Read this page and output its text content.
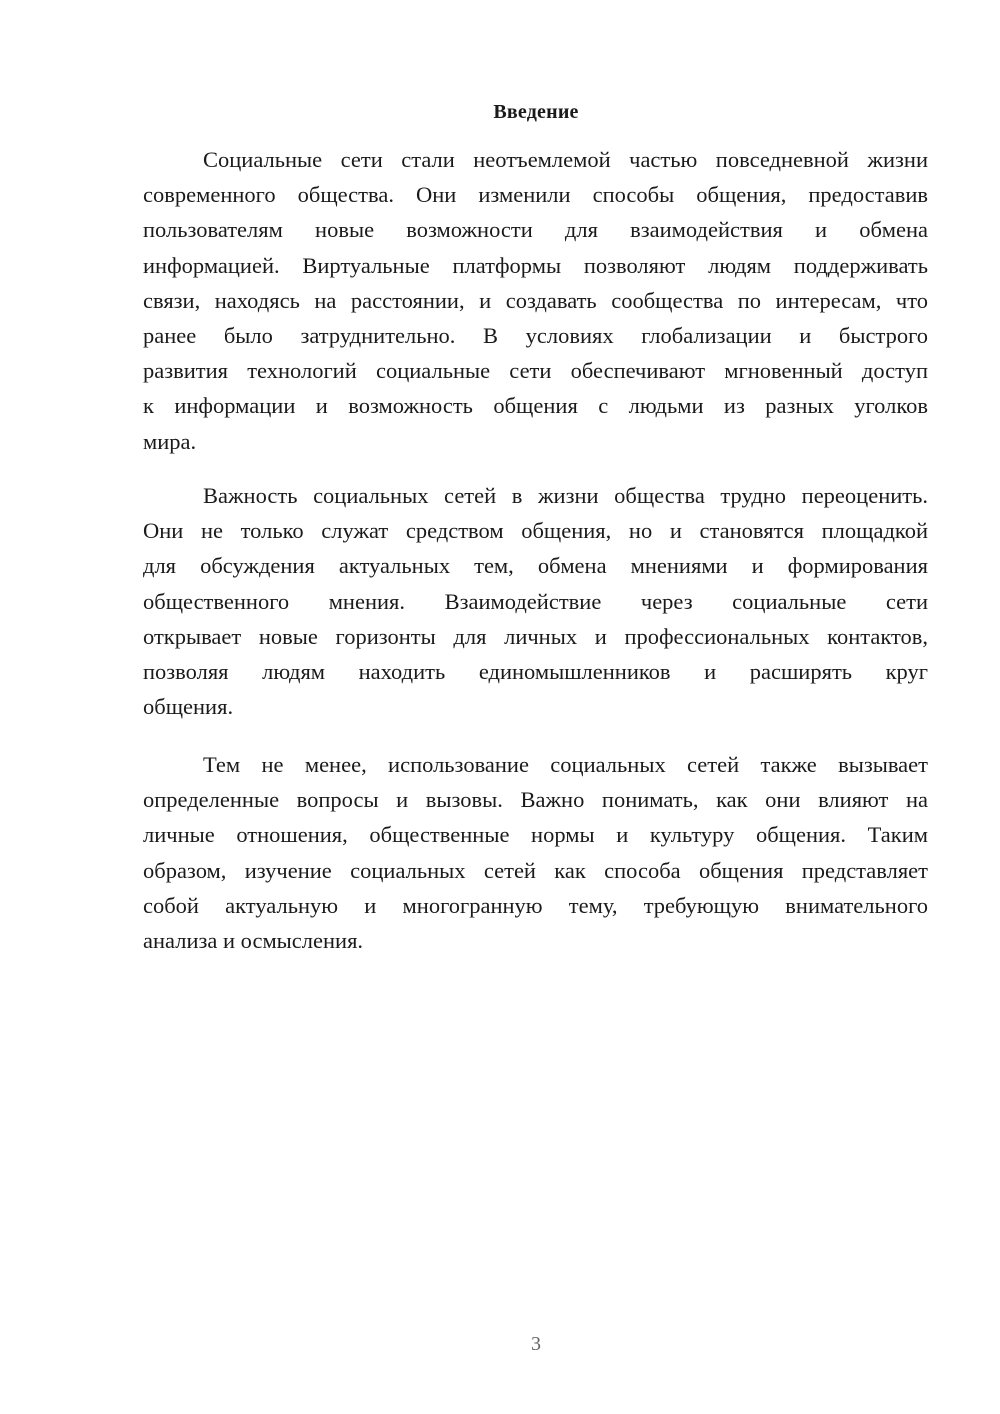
Введение
Социальные сети стали неотъемлемой частью повседневной жизни
современного общества. Они изменили способы общения, предоставив
пользователям новые возможности для взаимодействия и обмена
информацией. Виртуальные платформы позволяют людям поддерживать
связи, находясь на расстоянии, и создавать сообщества по интересам, что
ранее было затруднительно. В условиях глобализации и быстрого
развития технологий социальные сети обеспечивают мгновенный доступ
к информации и возможность общения с людьми из разных уголков
мира.
Важность социальных сетей в жизни общества трудно переоценить.
Они не только служат средством общения, но и становятся площадкой
для обсуждения актуальных тем, обмена мнениями и формирования
общественного мнения. Взаимодействие через социальные сети
открывает новые горизонты для личных и профессиональных контактов,
позволяя людям находить единомышленников и расширять круг
общения.
Тем не менее, использование социальных сетей также вызывает
определенные вопросы и вызовы. Важно понимать, как они влияют на
личные отношения, общественные нормы и культуру общения. Таким
образом, изучение социальных сетей как способа общения представляет
собой актуальную и многогранную тему, требующую внимательного
анализа и осмысления.
3
